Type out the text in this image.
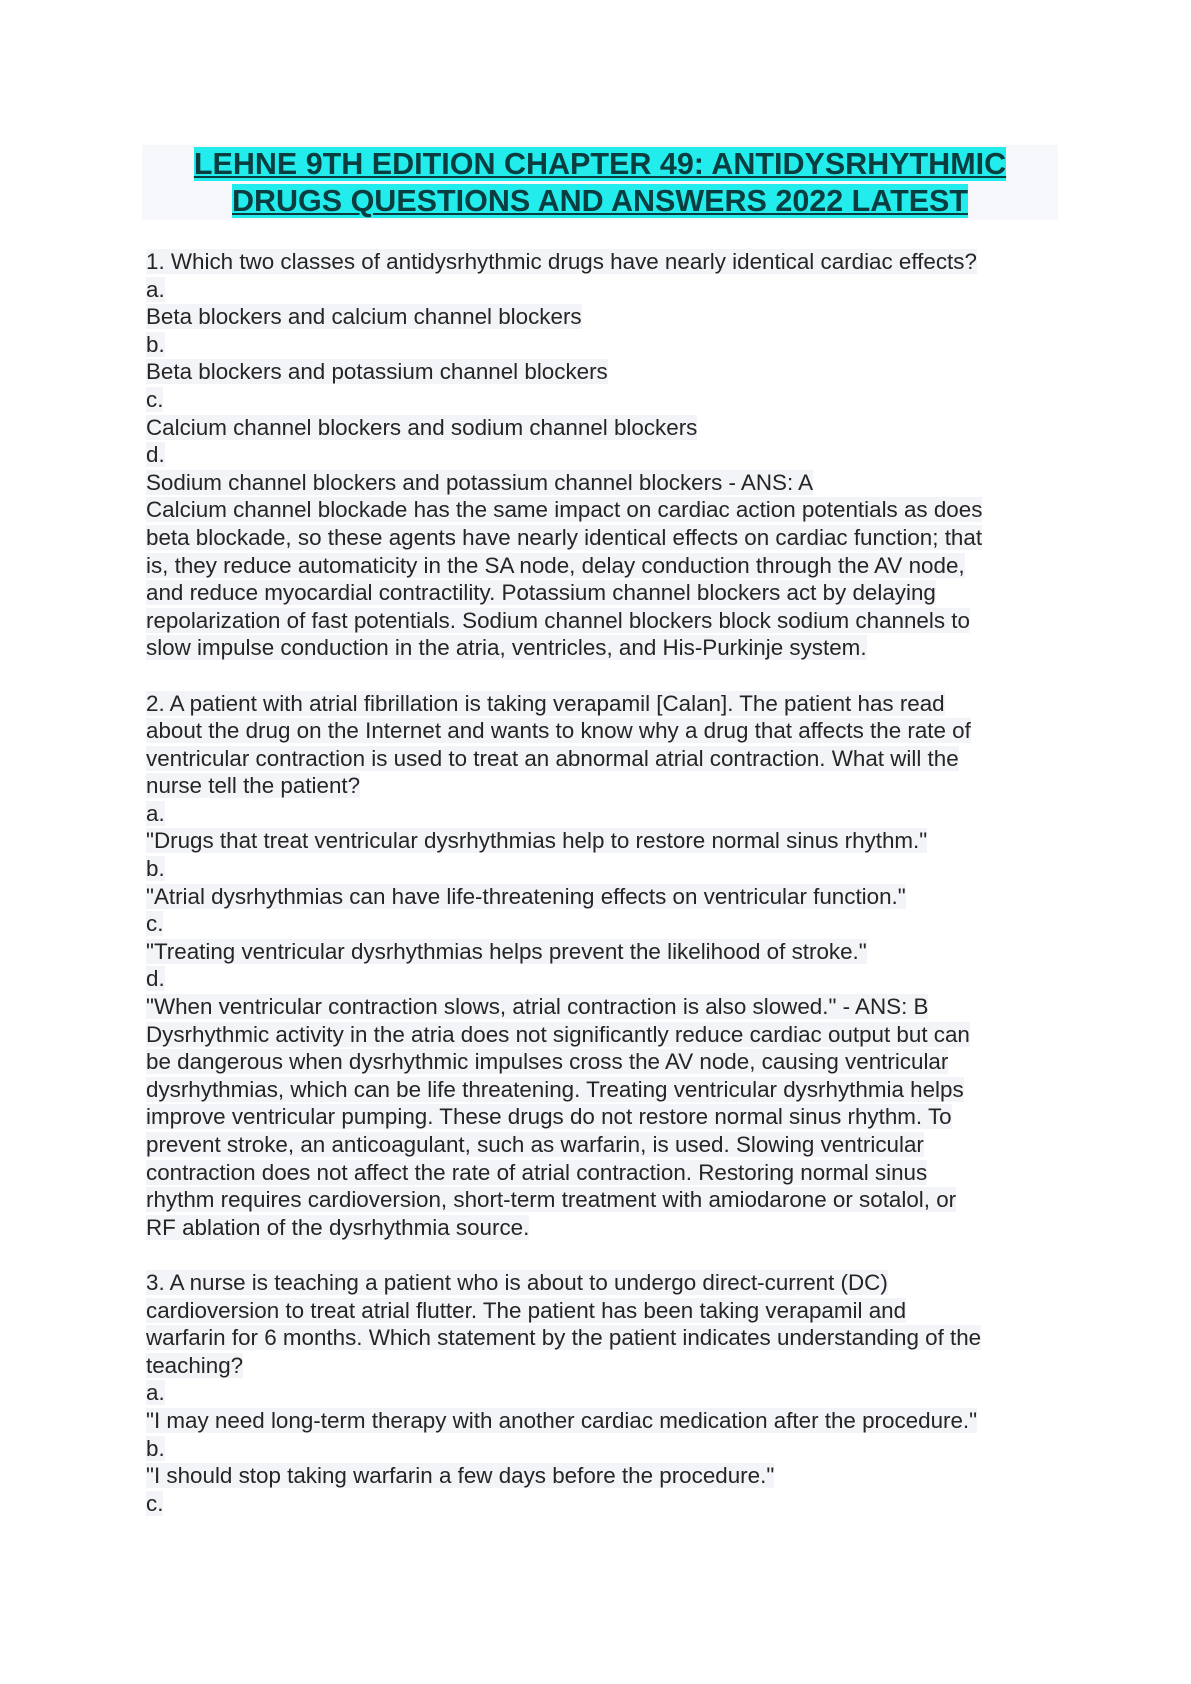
LEHNE 9TH EDITION CHAPTER 49: ANTIDYSRHYTHMIC
DRUGS QUESTIONS AND ANSWERS 2022 LATEST
1. Which two classes of antidysrhythmic drugs have nearly identical cardiac effects?
a.
Beta blockers and calcium channel blockers
b.
Beta blockers and potassium channel blockers
c.
Calcium channel blockers and sodium channel blockers
d.
Sodium channel blockers and potassium channel blockers - ANS: A
Calcium channel blockade has the same impact on cardiac action potentials as does
beta blockade, so these agents have nearly identical effects on cardiac function; that
is, they reduce automaticity in the SA node, delay conduction through the AV node,
and reduce myocardial contractility. Potassium channel blockers act by delaying
repolarization of fast potentials. Sodium channel blockers block sodium channels to
slow impulse conduction in the atria, ventricles, and His-Purkinje system.
2. A patient with atrial fibrillation is taking verapamil [Calan]. The patient has read
about the drug on the Internet and wants to know why a drug that affects the rate of
ventricular contraction is used to treat an abnormal atrial contraction. What will the
nurse tell the patient?
a.
"Drugs that treat ventricular dysrhythmias help to restore normal sinus rhythm."
b.
"Atrial dysrhythmias can have life-threatening effects on ventricular function."
c.
"Treating ventricular dysrhythmias helps prevent the likelihood of stroke."
d.
"When ventricular contraction slows, atrial contraction is also slowed." - ANS: B
Dysrhythmic activity in the atria does not significantly reduce cardiac output but can
be dangerous when dysrhythmic impulses cross the AV node, causing ventricular
dysrhythmias, which can be life threatening. Treating ventricular dysrhythmia helps
improve ventricular pumping. These drugs do not restore normal sinus rhythm. To
prevent stroke, an anticoagulant, such as warfarin, is used. Slowing ventricular
contraction does not affect the rate of atrial contraction. Restoring normal sinus
rhythm requires cardioversion, short-term treatment with amiodarone or sotalol, or
RF ablation of the dysrhythmia source.
3. A nurse is teaching a patient who is about to undergo direct-current (DC)
cardioversion to treat atrial flutter. The patient has been taking verapamil and
warfarin for 6 months. Which statement by the patient indicates understanding of the
teaching?
a.
"I may need long-term therapy with another cardiac medication after the procedure."
b.
"I should stop taking warfarin a few days before the procedure."
c.
